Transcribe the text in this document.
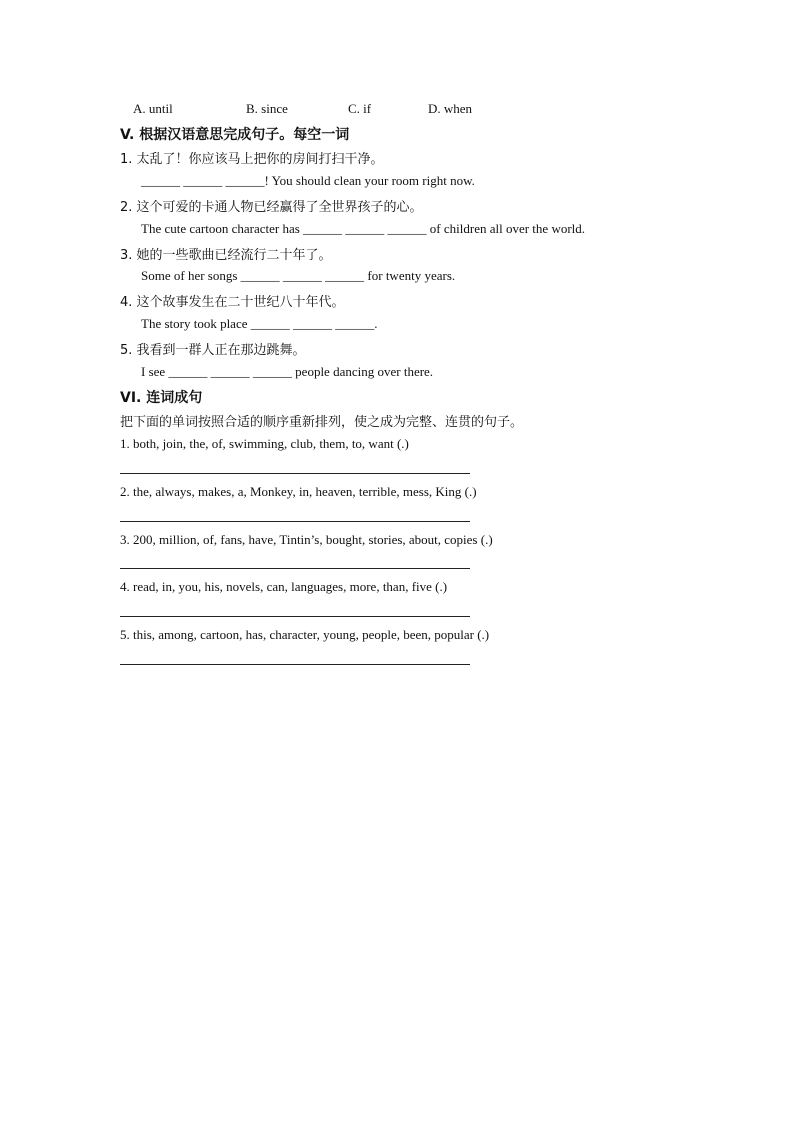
A. until	B. since	C. if	D. when
V. 根据汉语意思完成句子。每空一词
1. 太乱了！你应该马上把你的房间打扫干净。
______ ______ ______! You should clean your room right now.
2. 这个可爱的卡通人物已经赢得了全世界孩子的心。
The cute cartoon character has ______ ______ ______ of children all over the world.
3. 她的一些歌曲已经流行二十年了。
Some of her songs ______ ______ ______ for twenty years.
4. 这个故事发生在二十世纪八十年代。
The story took place ______ ______ ______.
5. 我看到一群人正在那边跳舞。
I see ______ ______ ______ people dancing over there.
VI. 连词成句
把下面的单词按照合适的顺序重新排列，使之成为完整、连贯的句子。
1. both, join, the, of, swimming, club, them, to, want (.)
2. the, always, makes, a, Monkey, in, heaven, terrible, mess, King (.)
3. 200, million, of, fans, have, Tintin’s, bought, stories, about, copies (.)
4. read, in, you, his, novels, can, languages, more, than, five (.)
5. this, among, cartoon, has, character, young, people, been, popular (.)
